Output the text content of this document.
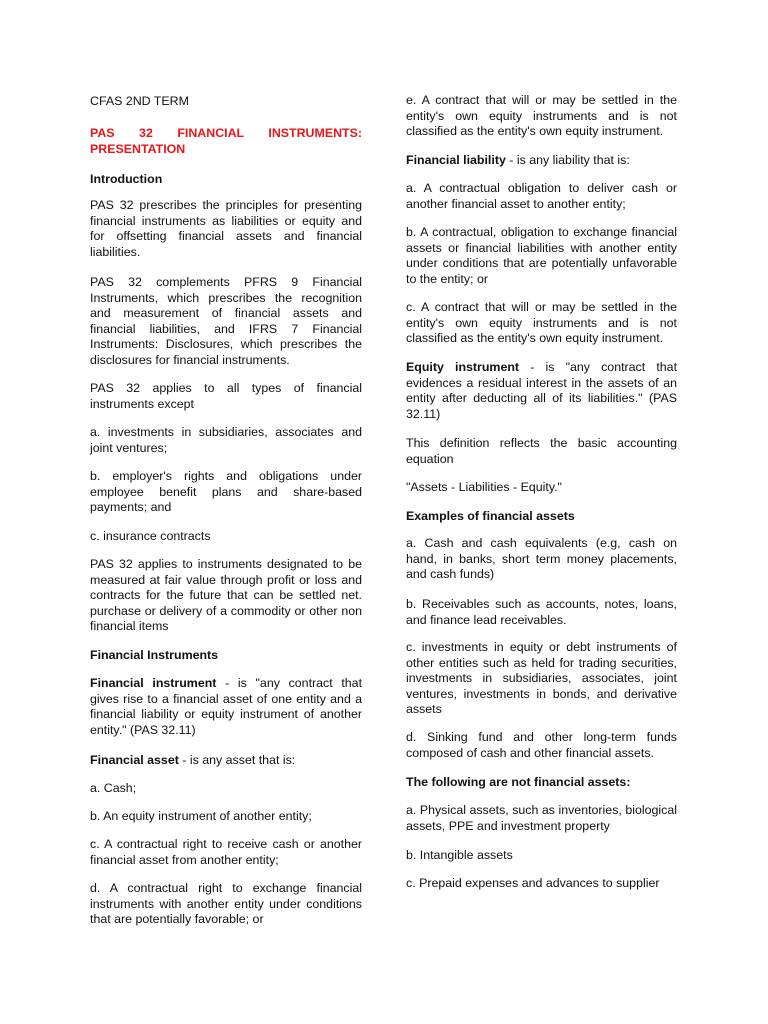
CFAS 2ND TERM

PAS 32 FINANCIAL INSTRUMENTS:
PRESENTATION

Introduction

PAS 32 prescribes the principles for presenting financial instruments as liabilities or equity and for offsetting financial assets and financial liabilities.

PAS 32 complements PFRS 9 Financial Instruments, which prescribes the recognition and measurement of financial assets and financial liabilities, and IFRS 7 Financial Instruments: Disclosures, which prescribes the disclosures for financial instruments.

PAS 32 applies to all types of financial instruments except

a. investments in subsidiaries, associates and joint ventures;

b. employer's rights and obligations under employee benefit plans and share-based payments; and

c. insurance contracts

PAS 32 applies to instruments designated to be measured at fair value through profit or loss and contracts for the future that can be settled net. purchase or delivery of a commodity or other non financial items

Financial Instruments

Financial instrument - is "any contract that gives rise to a financial asset of one entity and a financial liability or equity instrument of another entity." (PAS 32.11)

Financial asset - is any asset that is:

a. Cash;

b. An equity instrument of another entity;

c. A contractual right to receive cash or another financial asset from another entity;

d. A contractual right to exchange financial instruments with another entity under conditions that are potentially favorable; or

e. A contract that will or may be settled in the entity's own equity instruments and is not classified as the entity's own equity instrument.

Financial liability - is any liability that is:

a. A contractual obligation to deliver cash or another financial asset to another entity;

b. A contractual, obligation to exchange financial assets or financial liabilities with another entity under conditions that are potentially unfavorable to the entity; or

c. A contract that will or may be settled in the entity's own equity instruments and is not classified as the entity's own equity instrument.

Equity instrument - is "any contract that evidences a residual interest in the assets of an entity after deducting all of its liabilities." (PAS 32.11)

This definition reflects the basic accounting equation

"Assets - Liabilities - Equity."

Examples of financial assets

a. Cash and cash equivalents (e.g, cash on hand, in banks, short term money placements, and cash funds)

b. Receivables such as accounts, notes, loans, and finance lead receivables.

c. investments in equity or debt instruments of other entities such as held for trading securities, investments in subsidiaries, associates, joint ventures, investments in bonds, and derivative assets

d. Sinking fund and other long-term funds composed of cash and other financial assets.

The following are not financial assets:

a. Physical assets, such as inventories, biological assets, PPE and investment property

b. Intangible assets

c. Prepaid expenses and advances to supplier
